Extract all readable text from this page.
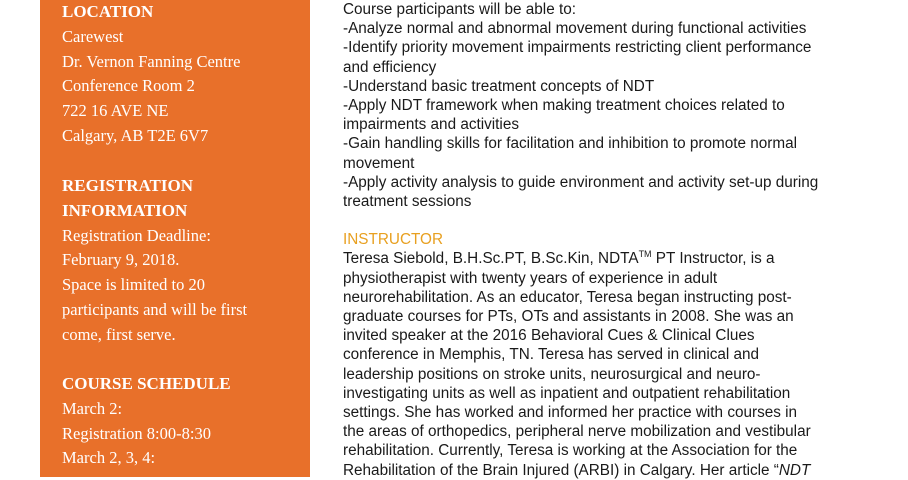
LOCATION

Carewest

Dr. Vernon Fanning Centre

Conference Room 2

722 16 AVE NE

Calgary, AB T2E 6V7

REGISTRATION
INFORMATION

Registration Deadline:

February 9, 2018.

Space is limited to 20

participants and will be first

come, first serve.

COURSE SCHEDULE

March 2:

Registration 8:00-8:30

March 2, 3, 4:

Course participants will be able to:

-Analyze normal and abnormal movement during functional activities

-Identify priority movement impairments restricting client performance

and efficiency

-Understand basic treatment concepts of NDT

-Apply NDT framework when making treatment choices related to

impairments and activities

-Gain handling skills for facilitation and inhibition to promote normal

movement

-Apply activity analysis to guide environment and activity set-up during

treatment sessions

INSTRUCTOR

Teresa Siebold, B.H.Sc.PT, B.Sc.Kin, NDTA™ PT Instructor, is a

physiotherapist with twenty years of experience in adult

neurorehabilitation. As an educator, Teresa began instructing post-

graduate courses for PTs, OTs and assistants in 2008. She was an

invited speaker at the 2016 Behavioral Cues & Clinical Clues

conference in Memphis, TN. Teresa has served in clinical and

leadership positions on stroke units, neurosurgical and neuro-

investigating units as well as inpatient and outpatient rehabilitation

settings. She has worked and informed her practice with courses in

the areas of orthopedics, peripheral nerve mobilization and vestibular

rehabilitation. Currently, Teresa is working at the Association for the

Rehabilitation of the Brain Injured (ARBI) in Calgary. Her article “NDT
